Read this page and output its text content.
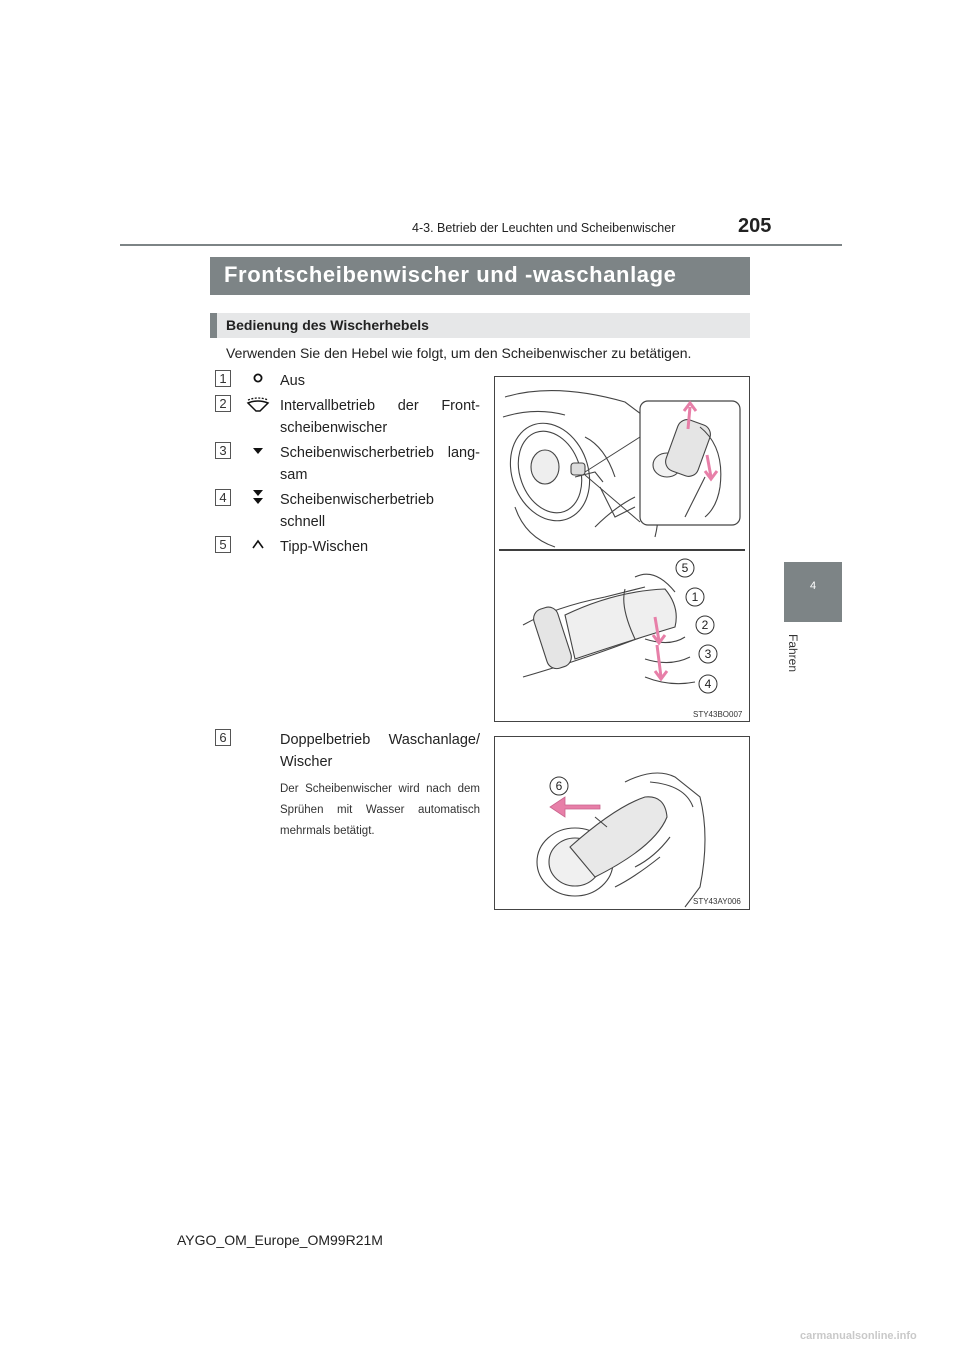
4-3. Betrieb der Leuchten und Scheibenwischer	205
4
Fahren
Frontscheibenwischer und -waschanlage
Bedienung des Wischerhebels
Verwenden Sie den Hebel wie folgt, um den Scheibenwischer zu betätigen.
1	Aus
2	Intervallbetrieb der Front-scheibenwischer
3	Scheibenwischerbetrieb lang-sam
4	Scheibenwischerbetrieb schnell
5	Tipp-Wischen
6	Doppelbetrieb Waschanlage/ Wischer
Der Scheibenwischer wird nach dem Sprühen mit Wasser automatisch mehrmals betätigt.
5
1
2
3
4
STY43BO007
6
STY43AY006
AYGO_OM_Europe_OM99R21M
carmanualsonline.info
